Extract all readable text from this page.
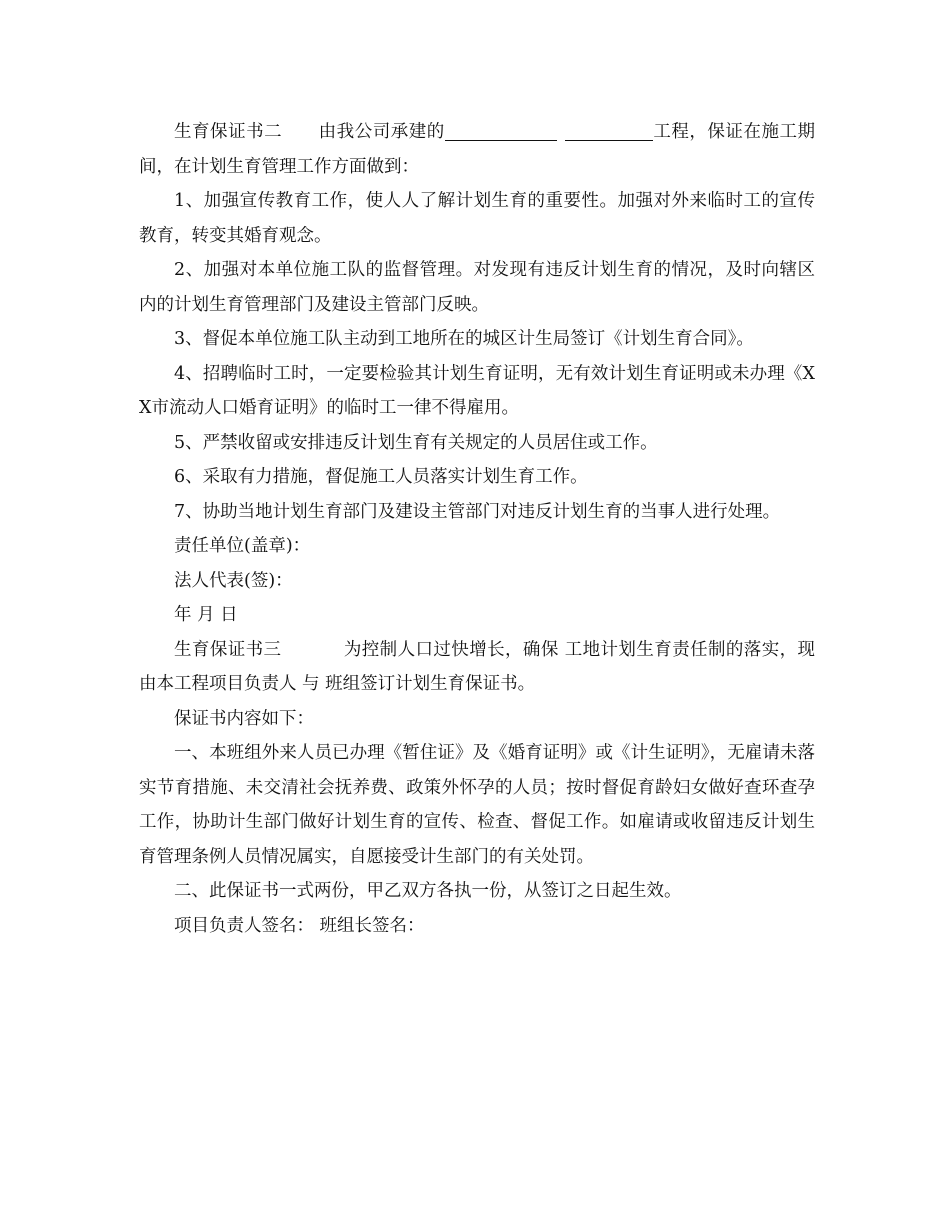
生育保证书二 由我公司承建的	工程，保证在施工期间，在计划生育管理工作方面做到：

1、加强宣传教育工作，使人人了解计划生育的重要性。加强对外来临时工的宣传教育，转变其婚育观念。

2、加强对本单位施工队的监督管理。对发现有违反计划生育的情况，及时向辖区内的计划生育管理部门及建设主管部门反映。

3、督促本单位施工队主动到工地所在的城区计生局签订《计划生育合同》。

4、招聘临时工时，一定要检验其计划生育证明，无有效计划生育证明或未办理《XX市流动人口婚育证明》的临时工一律不得雇用。

5、严禁收留或安排违反计划生育有关规定的人员居住或工作。

6、采取有力措施，督促施工人员落实计划生育工作。

7、协助当地计划生育部门及建设主管部门对违反计划生育的当事人进行处理。

责任单位(盖章)：

法人代表(签)：

年 月 日

生育保证书三	为控制人口过快增长，确保 工地计划生育责任制的落实，现由本工程项目负责人 与 班组签订计划生育保证书。

保证书内容如下：

一、本班组外来人员已办理《暂住证》及《婚育证明》或《计生证明》，无雇请未落实节育措施、未交清社会抚养费、政策外怀孕的人员；按时督促育龄妇女做好查环查孕工作，协助计生部门做好计划生育的宣传、检查、督促工作。如雇请或收留违反计划生育管理条例人员情况属实，自愿接受计生部门的有关处罚。

二、此保证书一式两份，甲乙双方各执一份，从签订之日起生效。

项目负责人签名： 班组长签名：
